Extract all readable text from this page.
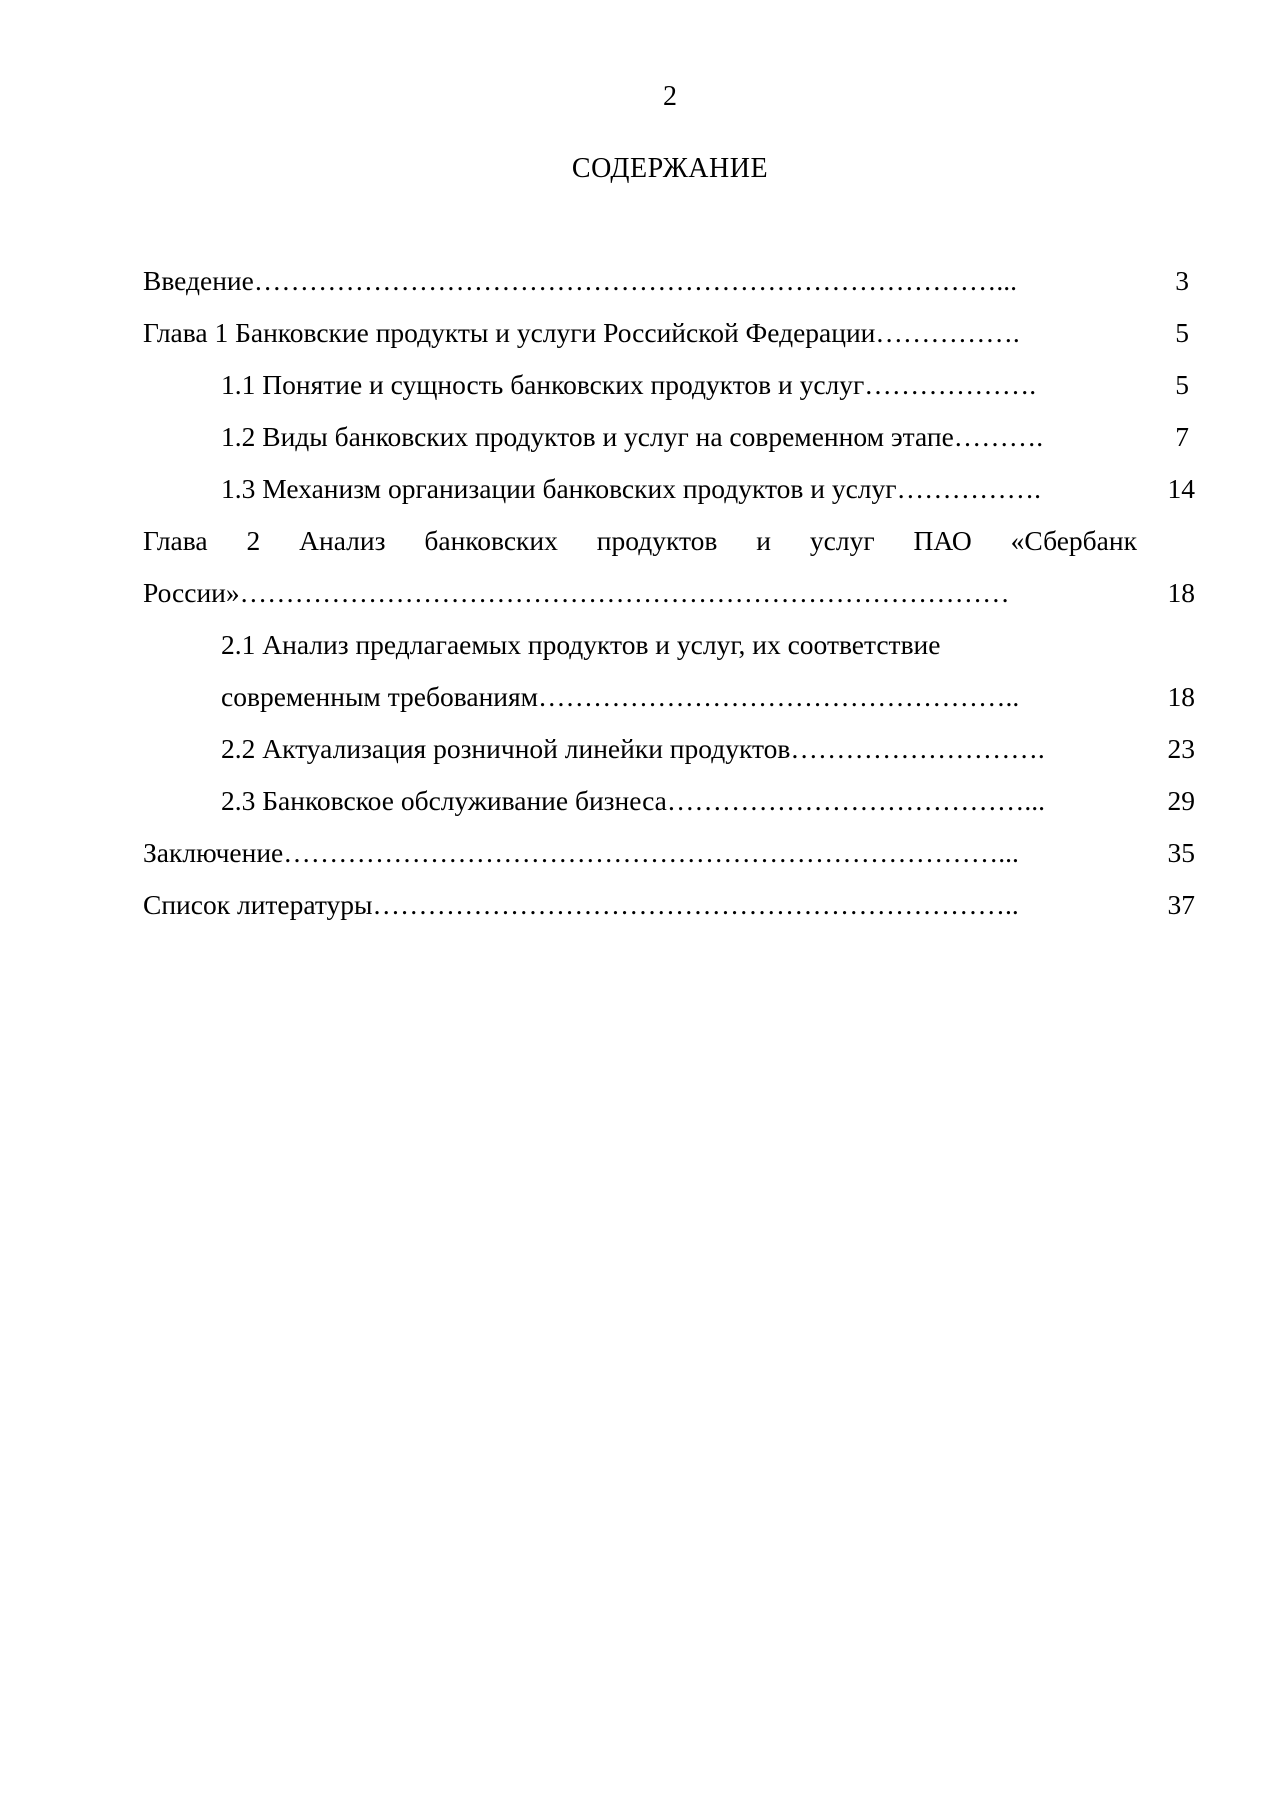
2
СОДЕРЖАНИЕ
Введение………………………………………………………………………...	3
Глава 1 Банковские продукты и услуги Российской Федерации…………….	5
1.1 Понятие и сущность банковских продуктов и услуг……………….	5
1.2 Виды банковских продуктов и услуг на современном этапе……….	7
1.3 Механизм организации банковских продуктов и услуг…………….	14
Глава 2 Анализ банковских продуктов и услуг ПАО «Сбербанк
России»…………………………………………………………………………	18
2.1 Анализ предлагаемых продуктов и услуг, их соответствие
современным требованиям……………………………………………..	18
2.2 Актуализация розничной линейки продуктов……………………….	23
2.3 Банковское обслуживание бизнеса…………………………………...	29
Заключение……………………………………………………………………...	35
Список литературы……………………………………………………………..	37
